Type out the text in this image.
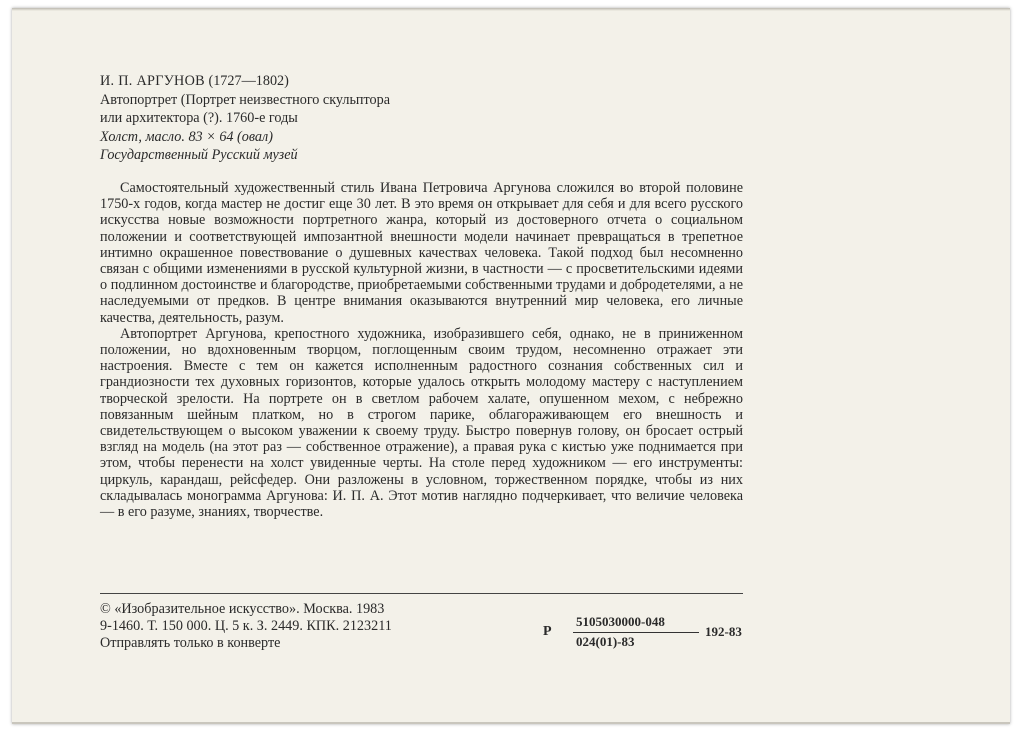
И. П. АРГУНОВ (1727—1802)
Автопортрет (Портрет неизвестного скульптора
или архитектора (?). 1760-е годы
Холст, масло. 83 × 64 (овал)
Государственный Русский музей

Самостоятельный художественный стиль Ивана Петровича Аргунова сложился во второй половине 1750-х годов, когда мастер не достиг еще 30 лет. В это время он открывает для себя и для всего русского искусства новые возможности портретного жанра, который из достоверного отчета о социальном положении и соответствующей импозантной внешности модели начинает превращаться в трепетное интимно окрашенное повествование о душевных качествах человека. Такой подход был несомненно связан с общими изменениями в русской культурной жизни, в частности — с просветительскими идеями о подлинном достоинстве и благородстве, приобретаемыми собственными трудами и добродетелями, а не наследуемыми от предков. В центре внимания оказываются внутренний мир человека, его личные качества, деятельность, разум.

Автопортрет Аргунова, крепостного художника, изобразившего себя, однако, не в приниженном положении, но вдохновенным творцом, поглощенным своим трудом, несомненно отражает эти настроения. Вместе с тем он кажется исполненным радостного сознания собственных сил и грандиозности тех духовных горизонтов, которые удалось открыть молодому мастеру с наступлением творческой зрелости. На портрете он в светлом рабочем халате, опушенном мехом, с небрежно повязанным шейным платком, но в строгом парике, облагораживающем его внешность и свидетельствующем о высоком уважении к своему труду. Быстро повернув голову, он бросает острый взгляд на модель (на этот раз — собственное отражение), а правая рука с кистью уже поднимается при этом, чтобы перенести на холст увиденные черты. На столе перед художником — его инструменты: циркуль, карандаш, рейсфедер. Они разложены в условном, торжественном порядке, чтобы из них складывалась монограмма Аргунова: И. П. А. Этот мотив наглядно подчеркивает, что величие человека — в его разуме, знаниях, творчестве.

© «Изобразительное искусство». Москва. 1983
9-1460. Т. 150 000. Ц. 5 к. З. 2449. КПК. 2123211
Отправлять только в конверте
Р
5105030000-048
024(01)-83
192-83
